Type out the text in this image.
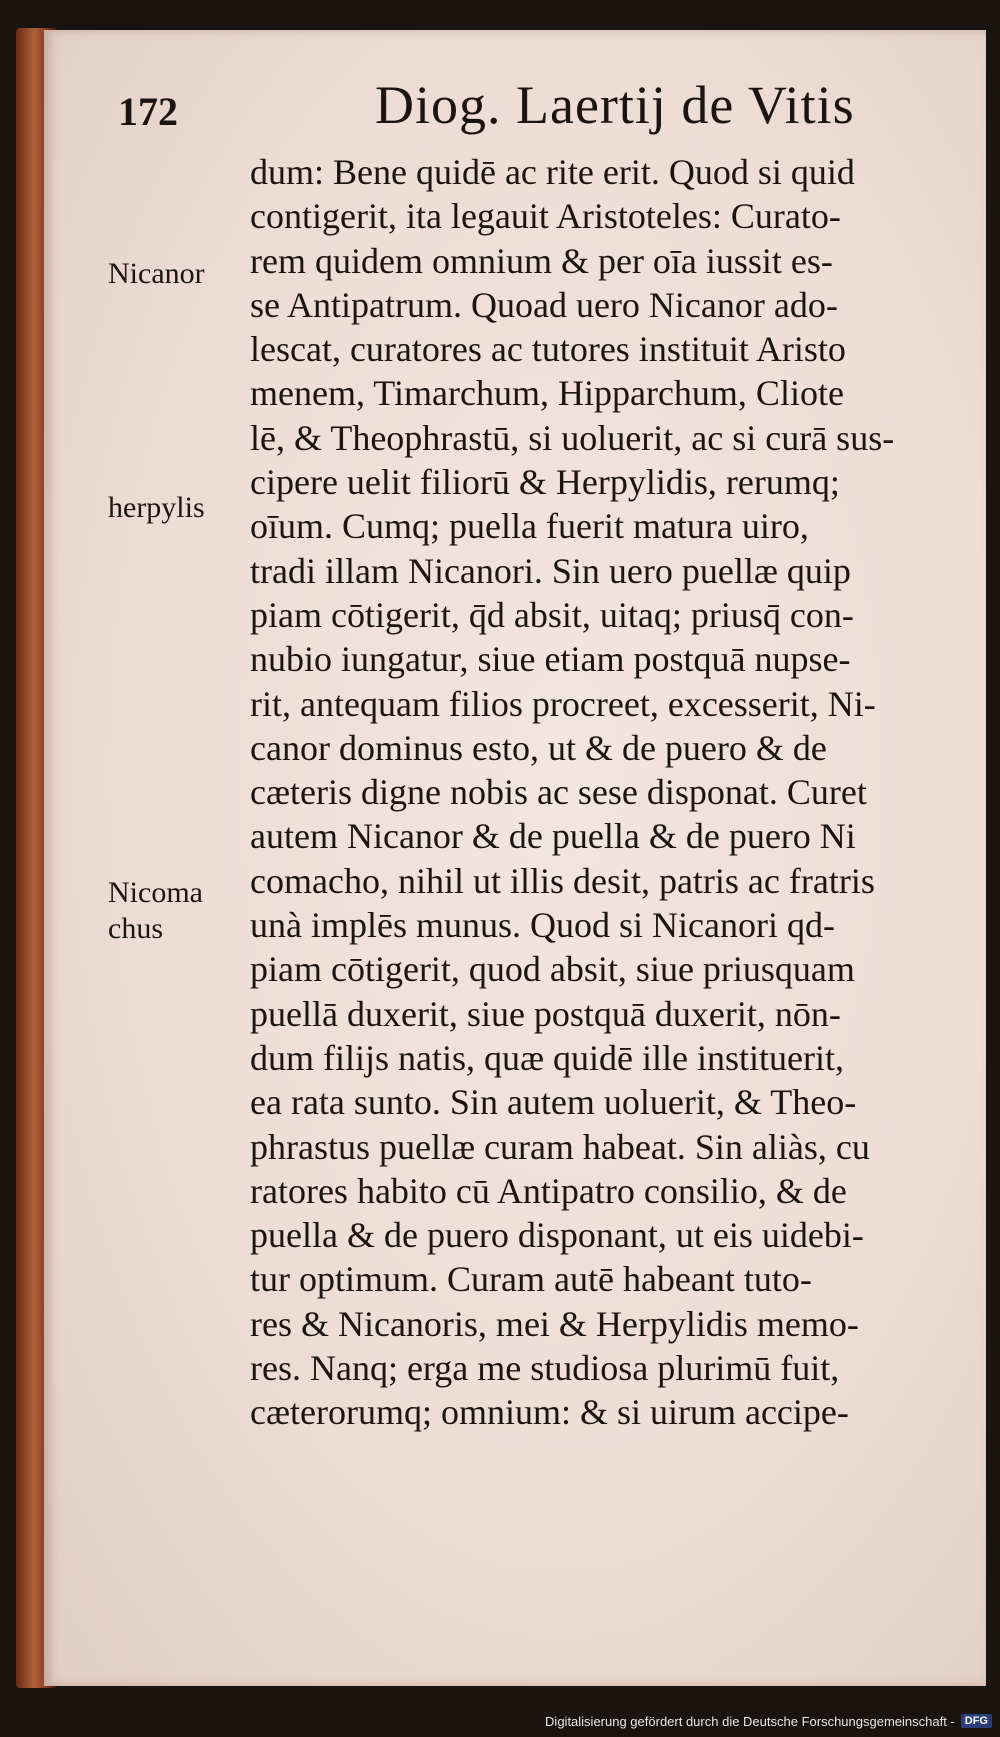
172	Diog. Laertij de Vitis
Nicanor
herpylis
Nicoma chus
dum: Bene quidē ac rite erit. Quod si quid
contigerit, ita legauit Aristoteles: Curato-
rem quidem omnium & per oīa iussit es-
se Antipatrum. Quoad uero Nicanor ado-
lescat, curatores ac tutores instituit Aristo
menem, Timarchum, Hipparchum, Cliote
lē, & Theophrastū, si uoluerit, ac si curā sus-
cipere uelit filiorū & Herpylidis, rerumq;
oīum. Cumq; puella fuerit matura uiro,
tradi illam Nicanori. Sin uero puellæ quip
piam cōtigerit, q̄d absit, uitaq; priusq̄ con-
nubio iungatur, siue etiam postquā nupse-
rit, antequam filios procreet, excesserit, Ni-
canor dominus esto, ut & de puero & de
cæteris digne nobis ac sese disponat. Curet
autem Nicanor & de puella & de puero Ni
comacho, nihil ut illis desit, patris ac fratris
unà implēs munus. Quod si Nicanori qd-
piam cōtigerit, quod absit, siue priusquam
puellā duxerit, siue postquā duxerit, nōn-
dum filijs natis, quæ quidē ille instituerit,
ea rata sunto. Sin autem uoluerit, & Theo-
phrastus puellæ curam habeat. Sin aliàs, cu
ratores habito cū Antipatro consilio, & de
puella & de puero disponant, ut eis uidebi-
tur optimum. Curam autē habeant tuto-
res & Nicanoris, mei & Herpylidis memo-
res. Nanq; erga me studiosa plurimū fuit,
cæterorumq; omnium: & si uirum accipe-
Digitalisierung gefördert durch die Deutsche Forschungsgemeinschaft - DFG
